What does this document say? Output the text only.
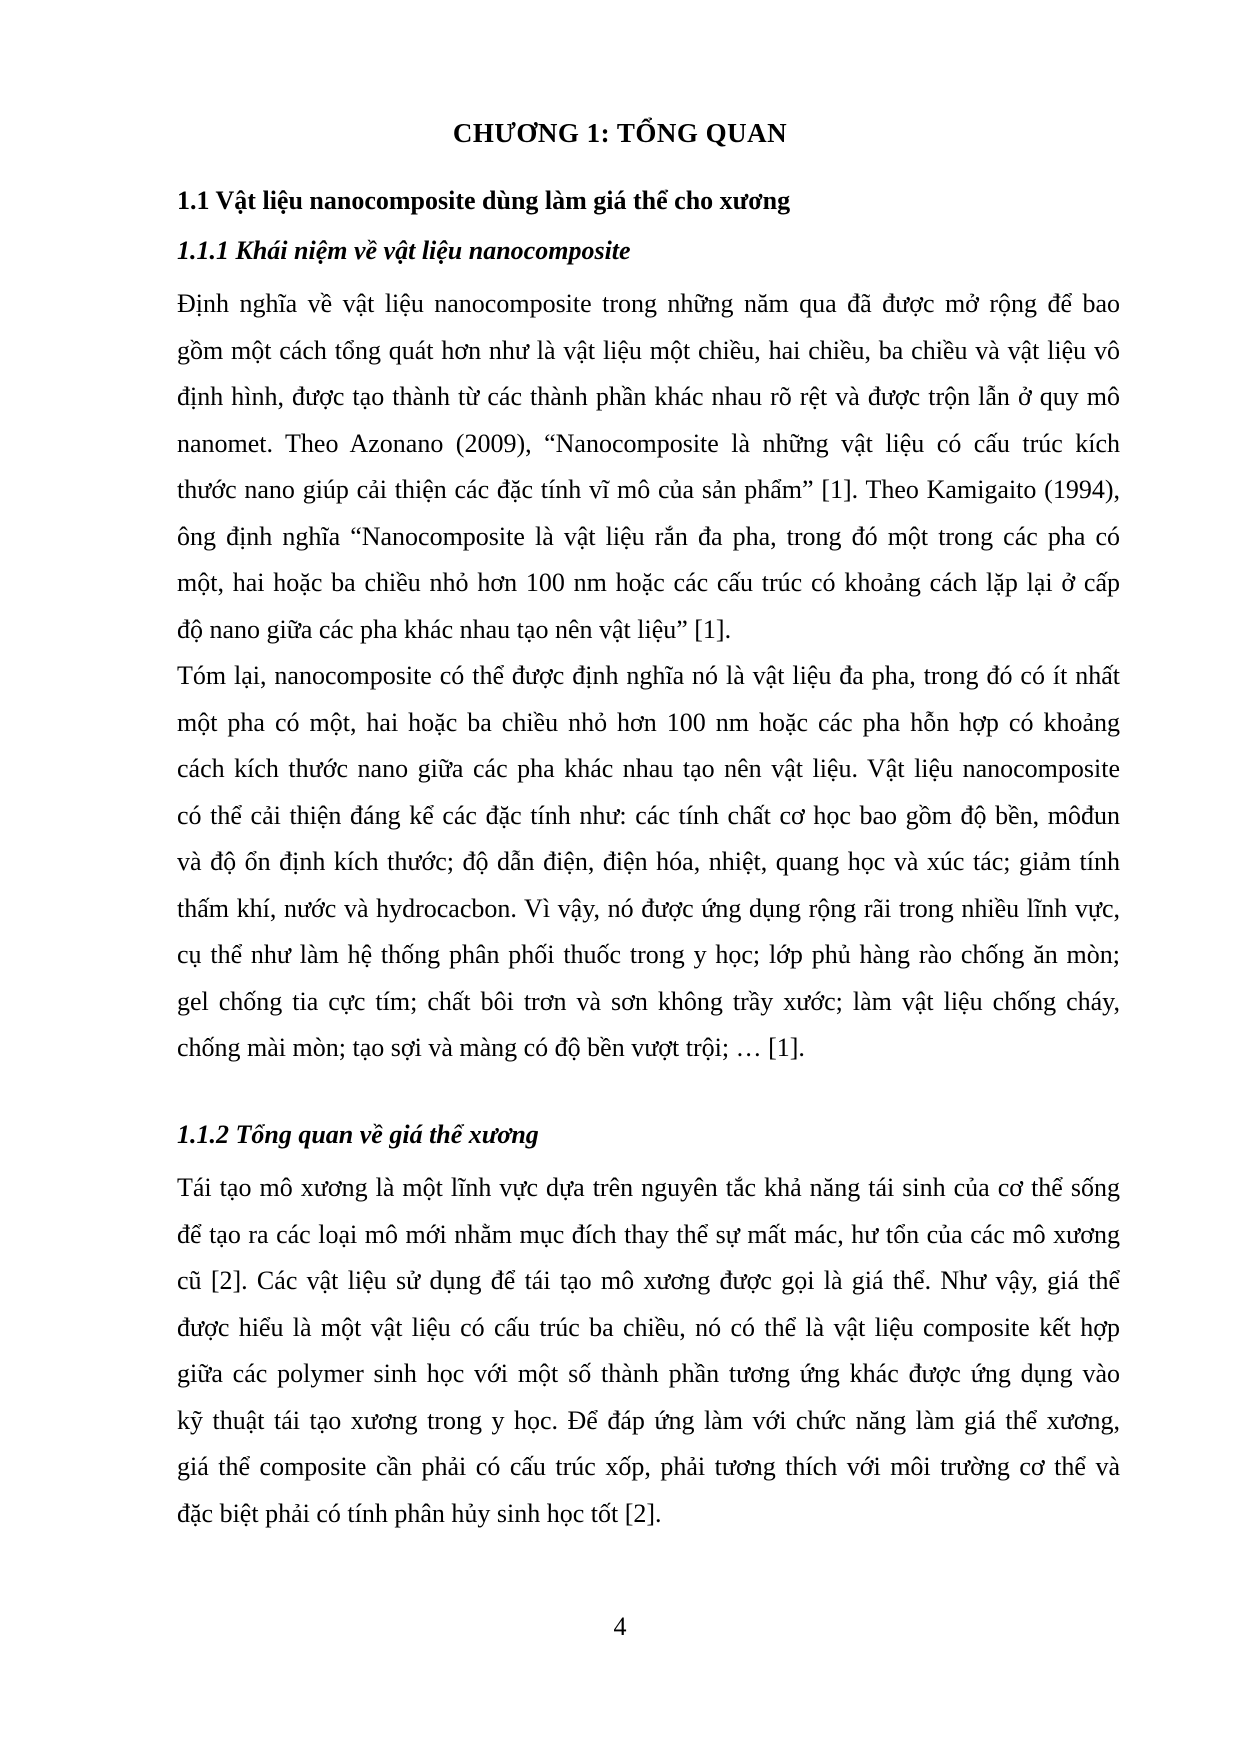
CHƯƠNG 1: TỔNG QUAN
1.1 Vật liệu nanocomposite dùng làm giá thể cho xương
1.1.1 Khái niệm về vật liệu nanocomposite
Định nghĩa về vật liệu nanocomposite trong những năm qua đã được mở rộng để bao
gồm một cách tổng quát hơn như là vật liệu một chiều, hai chiều, ba chiều và vật liệu vô
định hình, được tạo thành từ các thành phần khác nhau rõ rệt và được trộn lẫn ở quy mô
nanomet. Theo Azonano (2009), “Nanocomposite là những vật liệu có cấu trúc kích
thước nano giúp cải thiện các đặc tính vĩ mô của sản phẩm” [1]. Theo Kamigaito (1994),
ông định nghĩa “Nanocomposite là vật liệu rắn đa pha, trong đó một trong các pha có
một, hai hoặc ba chiều nhỏ hơn 100 nm hoặc các cấu trúc có khoảng cách lặp lại ở cấp
độ nano giữa các pha khác nhau tạo nên vật liệu” [1].
Tóm lại, nanocomposite có thể được định nghĩa nó là vật liệu đa pha, trong đó có ít nhất
một pha có một, hai hoặc ba chiều nhỏ hơn 100 nm hoặc các pha hỗn hợp có khoảng
cách kích thước nano giữa các pha khác nhau tạo nên vật liệu. Vật liệu nanocomposite
có thể cải thiện đáng kể các đặc tính như: các tính chất cơ học bao gồm độ bền, môđun
và độ ổn định kích thước; độ dẫn điện, điện hóa, nhiệt, quang học và xúc tác; giảm tính
thấm khí, nước và hydrocacbon. Vì vậy, nó được ứng dụng rộng rãi trong nhiều lĩnh vực,
cụ thể như làm hệ thống phân phối thuốc trong y học; lớp phủ hàng rào chống ăn mòn;
gel chống tia cực tím; chất bôi trơn và sơn không trầy xước; làm vật liệu chống cháy,
chống mài mòn; tạo sợi và màng có độ bền vượt trội; … [1].
1.1.2 Tổng quan về giá thể xương
Tái tạo mô xương là một lĩnh vực dựa trên nguyên tắc khả năng tái sinh của cơ thể sống
để tạo ra các loại mô mới nhằm mục đích thay thể sự mất mác, hư tổn của các mô xương
cũ [2]. Các vật liệu sử dụng để tái tạo mô xương được gọi là giá thể. Như vậy, giá thể
được hiểu là một vật liệu có cấu trúc ba chiều, nó có thể là vật liệu composite kết hợp
giữa các polymer sinh học với một số thành phần tương ứng khác được ứng dụng vào
kỹ thuật tái tạo xương trong y học. Để đáp ứng làm với chức năng làm giá thể xương,
giá thể composite cần phải có cấu trúc xốp, phải tương thích với môi trường cơ thể và
đặc biệt phải có tính phân hủy sinh học tốt [2].
4
